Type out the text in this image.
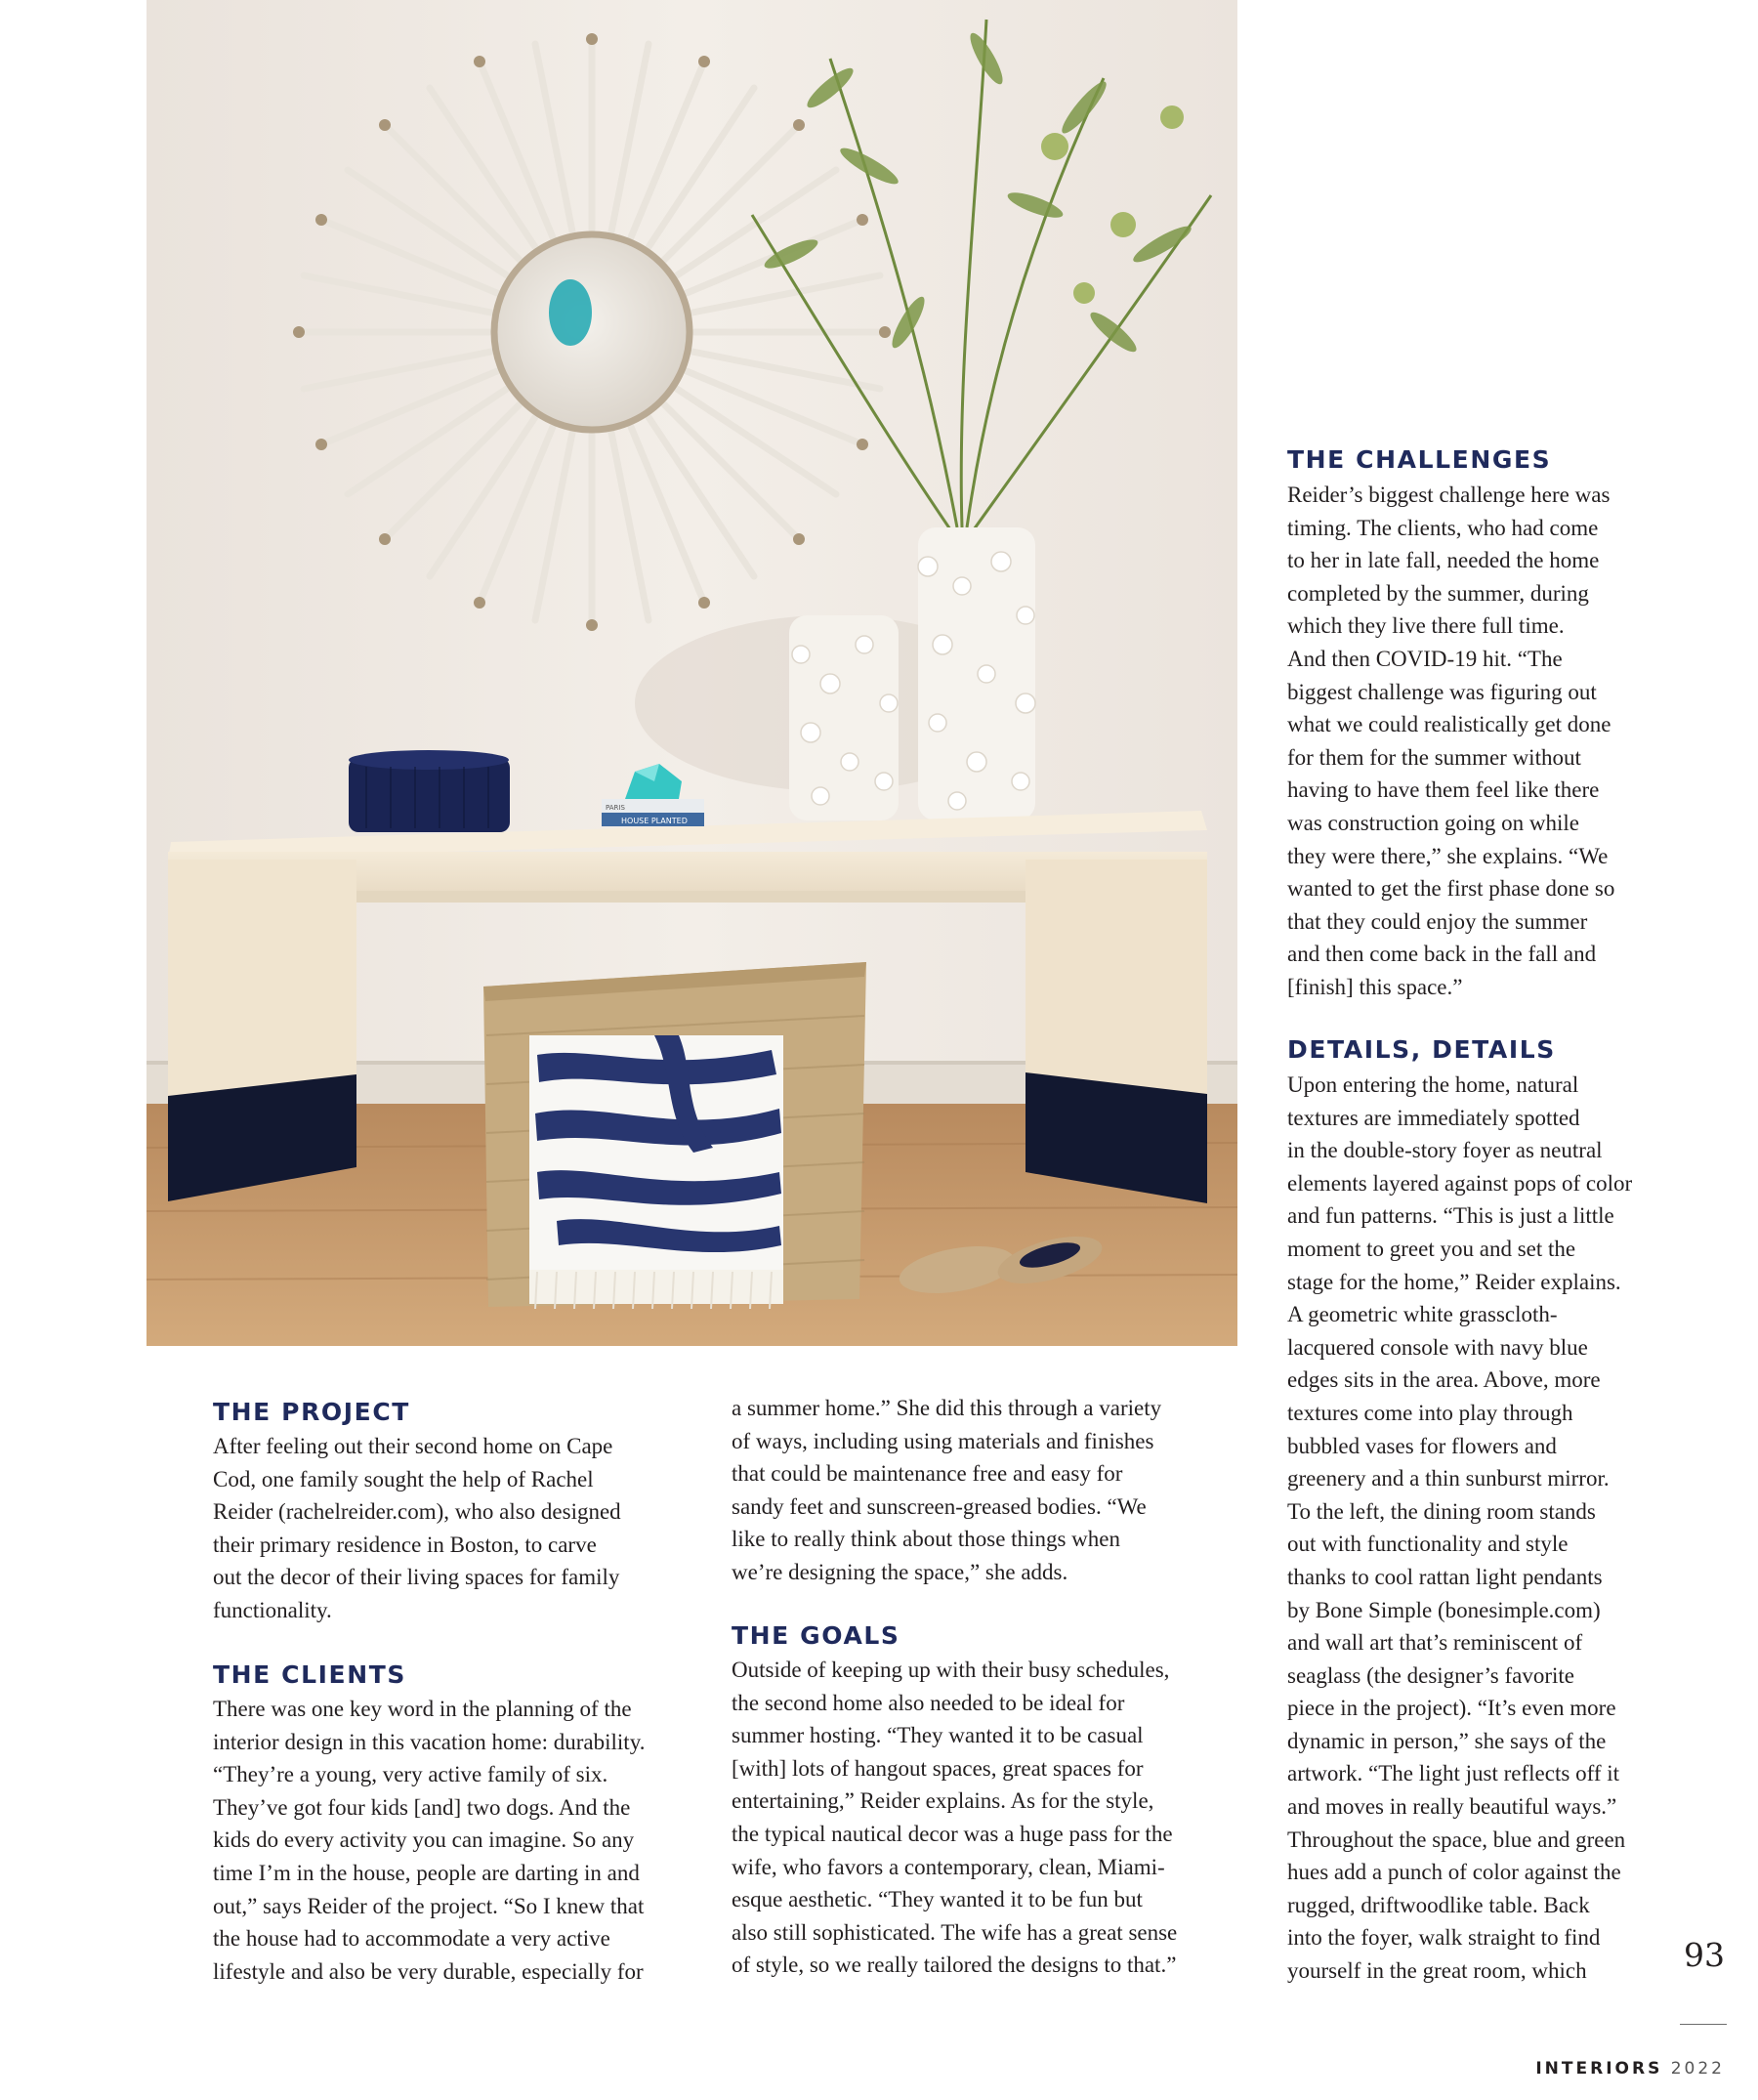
HOUSE PLANTED
PARIS
THE PROJECT
After feeling out their second home on Cape
Cod, one family sought the help of Rachel
Reider (rachelreider.com), who also designed
their primary residence in Boston, to carve
out the decor of their living spaces for family
functionality.
THE CLIENTS
There was one key word in the planning of the
interior design in this vacation home: durability.
“They’re a young, very active family of six.
They’ve got four kids [and] two dogs. And the
kids do every activity you can imagine. So any
time I’m in the house, people are darting in and
out,” says Reider of the project. “So I knew that
the house had to accommodate a very active
lifestyle and also be very durable, especially for
a summer home.” She did this through a variety
of ways, including using materials and finishes
that could be maintenance free and easy for
sandy feet and sunscreen-greased bodies. “We
like to really think about those things when
we’re designing the space,” she adds.
THE GOALS
Outside of keeping up with their busy schedules,
the second home also needed to be ideal for
summer hosting. “They wanted it to be casual
[with] lots of hangout spaces, great spaces for
entertaining,” Reider explains. As for the style,
the typical nautical decor was a huge pass for the
wife, who favors a contemporary, clean, Miami-
esque aesthetic. “They wanted it to be fun but
also still sophisticated. The wife has a great sense
of style, so we really tailored the designs to that.”
THE CHALLENGES
Reider’s biggest challenge here was
timing. The clients, who had come
to her in late fall, needed the home
completed by the summer, during
which they live there full time.
And then COVID-19 hit. “The
biggest challenge was figuring out
what we could realistically get done
for them for the summer without
having to have them feel like there
was construction going on while
they were there,” she explains. “We
wanted to get the first phase done so
that they could enjoy the summer
and then come back in the fall and
[finish] this space.”
DETAILS, DETAILS
Upon entering the home, natural
textures are immediately spotted
in the double-story foyer as neutral
elements layered against pops of color
and fun patterns. “This is just a little
moment to greet you and set the
stage for the home,” Reider explains.
A geometric white grasscloth-
lacquered console with navy blue
edges sits in the area. Above, more
textures come into play through
bubbled vases for flowers and
greenery and a thin sunburst mirror.
To the left, the dining room stands
out with functionality and style
thanks to cool rattan light pendants
by Bone Simple (bonesimple.com)
and wall art that’s reminiscent of
seaglass (the designer’s favorite
piece in the project). “It’s even more
dynamic in person,” she says of the
artwork. “The light just reflects off it
and moves in really beautiful ways.”
Throughout the space, blue and green
hues add a punch of color against the
rugged, driftwoodlike table. Back
into the foyer, walk straight to find
yourself in the great room, which	93
INTERIORS 2022
